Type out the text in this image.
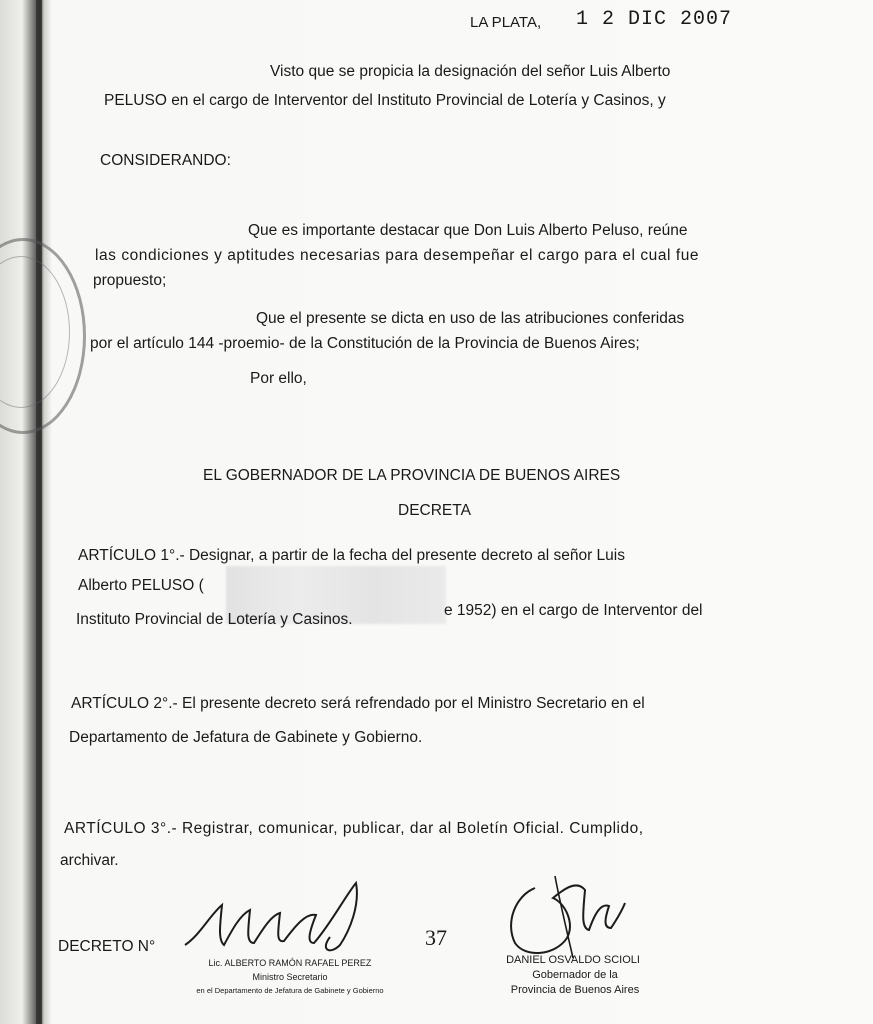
LA PLATA, 1 2 DIC 2007
Visto que se propicia la designación del señor Luis Alberto
PELUSO en el cargo de Interventor del Instituto Provincial de Lotería y Casinos, y
CONSIDERANDO:
Que es importante destacar que Don Luis Alberto Peluso, reúne
las condiciones y aptitudes necesarias para desempeñar el cargo para el cual fue
propuesto;
Que el presente se dicta en uso de las atribuciones conferidas
por el artículo 144 -proemio- de la Constitución de la Provincia de Buenos Aires;
Por ello,
EL GOBERNADOR DE LA PROVINCIA DE BUENOS AIRES
DECRETA
ARTÍCULO 1°.- Designar, a partir de la fecha del presente decreto al señor Luis
Alberto PELUSO (
e 1952) en el cargo de Interventor del
Instituto Provincial de Lotería y Casinos.
ARTÍCULO 2°.- El presente decreto será refrendado por el Ministro Secretario en el
Departamento de Jefatura de Gabinete y Gobierno.
ARTÍCULO 3°.- Registrar, comunicar, publicar, dar al Boletín Oficial. Cumplido,
archivar.
DECRETO N°	37
Lic. ALBERTO RAMÓN RAFAEL PEREZ
Ministro Secretario
en el Departamento de Jefatura de Gabinete y Gobierno
DANIEL OSVALDO SCIOLI
Gobernador de la
Provincia de Buenos Aires
